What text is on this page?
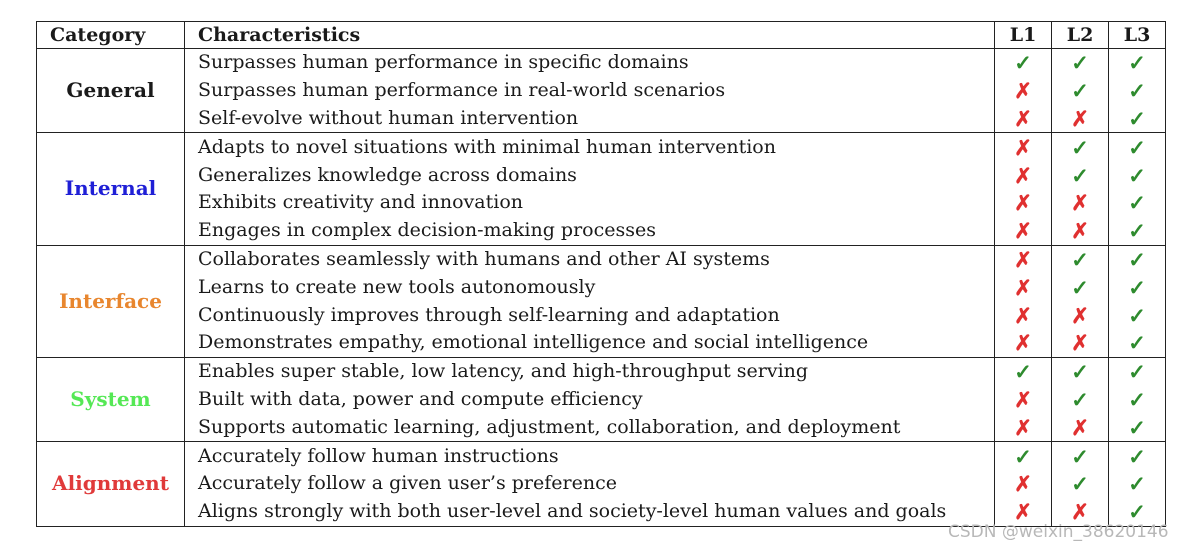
Category	Characteristics	L1	L2	L3
General	Surpasses human performance in specific domains	✓	✓	✓
	Surpasses human performance in real-world scenarios	✗	✓	✓
	Self-evolve without human intervention	✗	✗	✓
Internal	Adapts to novel situations with minimal human intervention	✗	✓	✓
	Generalizes knowledge across domains	✗	✓	✓
	Exhibits creativity and innovation	✗	✗	✓
	Engages in complex decision-making processes	✗	✗	✓
Interface	Collaborates seamlessly with humans and other AI systems	✗	✓	✓
	Learns to create new tools autonomously	✗	✓	✓
	Continuously improves through self-learning and adaptation	✗	✗	✓
	Demonstrates empathy, emotional intelligence and social intelligence	✗	✗	✓
System	Enables super stable, low latency, and high-throughput serving	✓	✓	✓
	Built with data, power and compute efficiency	✗	✓	✓
	Supports automatic learning, adjustment, collaboration, and deployment	✗	✗	✓
Alignment	Accurately follow human instructions	✓	✓	✓
	Accurately follow a given user’s preference	✗	✓	✓
	Aligns strongly with both user-level and society-level human values and goals	✗	✗	✓
CSDN @weixin_38620146
